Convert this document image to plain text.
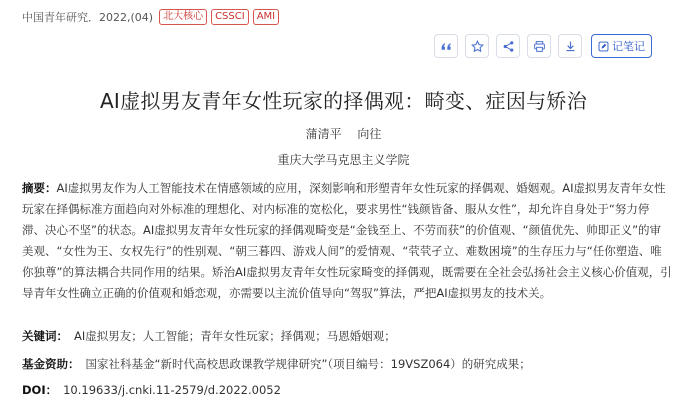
中国青年研究．2022,(04)	北大核心	CSSCI	AMI
记笔记
AI虚拟男友青年女性玩家的择偶观：畸变、症因与矫治
蒲清平 向往
重庆大学马克思主义学院
摘要：AI虚拟男友作为人工智能技术在情感领域的应用，深刻影响和形塑青年女性玩家的择偶观、婚姻观。AI虚拟男友青年女性玩家在择偶标准方面趋向对外标准的理想化、对内标准的宽松化，要求男性“钱颜皆备、服从女性”，却允许自身处于“努力停滞、决心不坚”的状态。AI虚拟男友青年女性玩家的择偶观畸变是“金钱至上、不劳而获”的价值观、“颜值优先、帅即正义”的审美观、“女性为王、女权先行”的性别观、“朝三暮四、游戏人间”的爱情观、“茕茕孑立、难数困境”的生存压力与“任你塑造、唯你独尊”的算法耦合共同作用的结果。矫治AI虚拟男友青年女性玩家畸变的择偶观，既需要在全社会弘扬社会主义核心价值观，引导青年女性确立正确的价值观和婚恋观，亦需要以主流价值导向“驾驭”算法，严把AI虚拟男友的技术关。
关键词： AI虚拟男友；人工智能；青年女性玩家；择偶观；马恩婚姻观；
基金资助： 国家社科基金“新时代高校思政课教学规律研究”（项目编号：19VSZ064）的研究成果；
DOI： 10.19633/j.cnki.11-2579/d.2022.0052
